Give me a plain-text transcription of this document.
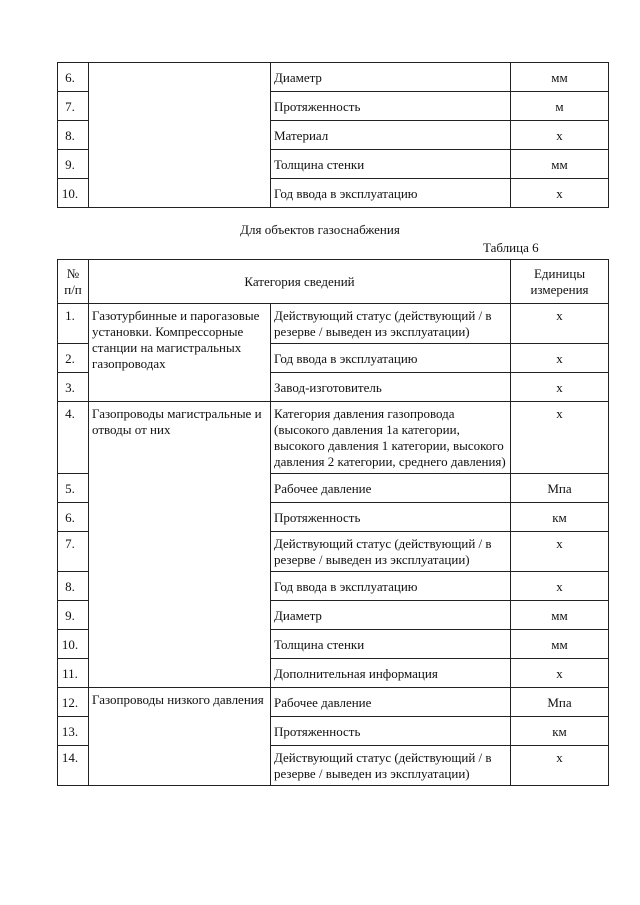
6.		Диаметр	мм
7.		Протяженность	м
8.		Материал	х
9.		Толщина стенки	мм
10.		Год ввода в эксплуатацию	х
Для объектов газоснабжения
Таблица 6
№ п/п	Категория сведений		Единицы измерения
1.	Газотурбинные и парогазовые установки. Компрессорные станции на магистральных газопроводах	Действующий статус (действующий / в резерве / выведен из эксплуатации)	х
2.		Год ввода в эксплуатацию	х
3.		Завод-изготовитель	х
4.	Газопроводы магистральные и отводы от них	Категория давления газопровода (высокого давления 1а категории, высокого давления 1 категории, высокого давления 2 категории, среднего давления)	х
5.		Рабочее давление	Мпа
6.		Протяженность	км
7.		Действующий статус (действующий / в резерве / выведен из эксплуатации)	х
8.		Год ввода в эксплуатацию	х
9.		Диаметр	мм
10.		Толщина стенки	мм
11.		Дополнительная информация	х
12.	Газопроводы низкого давления	Рабочее давление	Мпа
13.		Протяженность	км
14.		Действующий статус (действующий / в резерве / выведен из эксплуатации)	х
